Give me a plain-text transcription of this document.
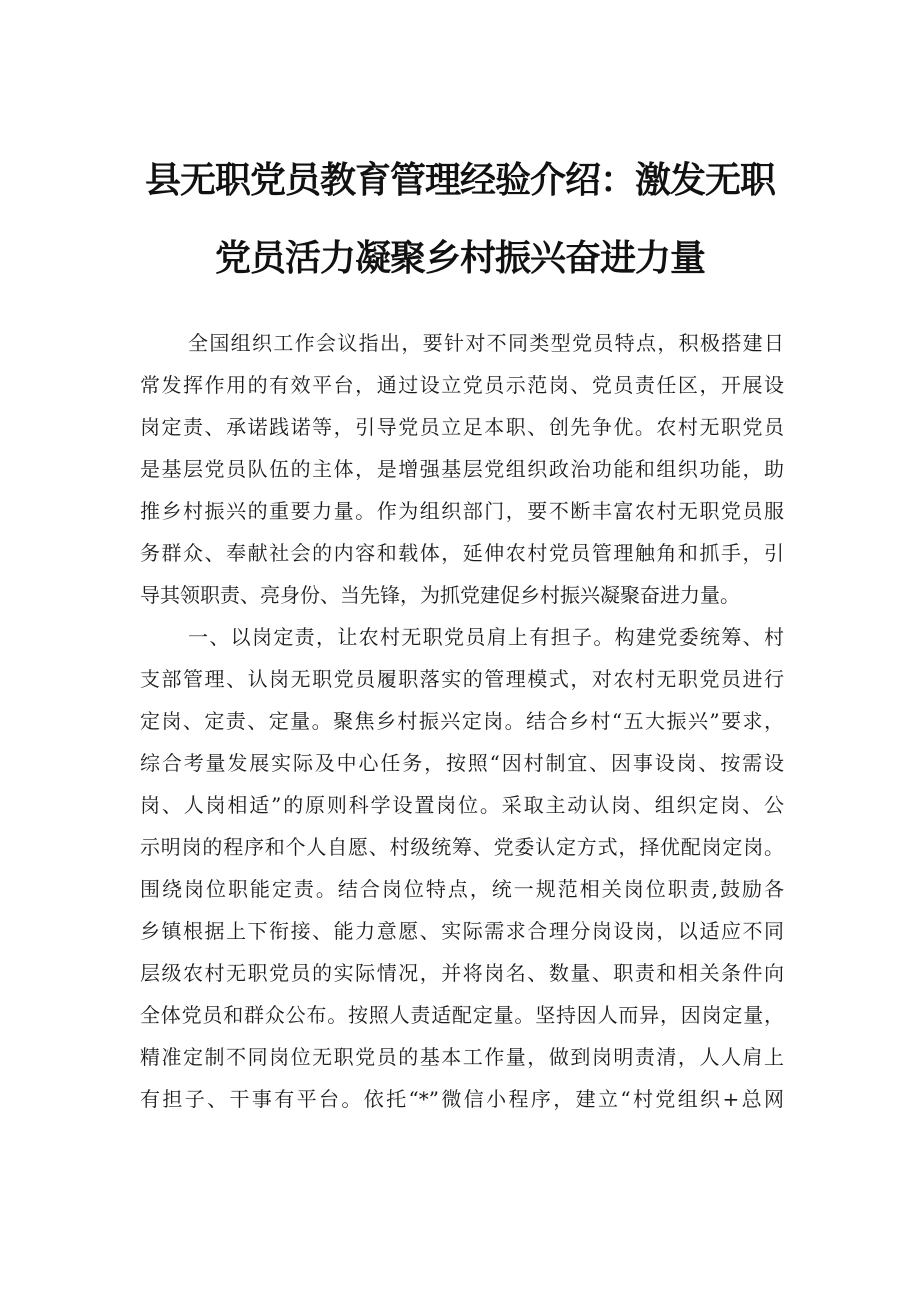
县无职党员教育管理经验介绍：激发无职
党员活力凝聚乡村振兴奋进力量
全国组织工作会议指出，要针对不同类型党员特点，积极搭建日
常发挥作用的有效平台，通过设立党员示范岗、党员责任区，开展设
岗定责、承诺践诺等，引导党员立足本职、创先争优。农村无职党员
是基层党员队伍的主体，是增强基层党组织政治功能和组织功能，助
推乡村振兴的重要力量。作为组织部门，要不断丰富农村无职党员服
务群众、奉献社会的内容和载体，延伸农村党员管理触角和抓手，引
导其领职责、亮身份、当先锋，为抓党建促乡村振兴凝聚奋进力量。
一、以岗定责，让农村无职党员肩上有担子。构建党委统筹、村
支部管理、认岗无职党员履职落实的管理模式，对农村无职党员进行
定岗、定责、定量。聚焦乡村振兴定岗。结合乡村“五大振兴”要求，
综合考量发展实际及中心任务，按照“因村制宜、因事设岗、按需设
岗、人岗相适”的原则科学设置岗位。采取主动认岗、组织定岗、公
示明岗的程序和个人自愿、村级统筹、党委认定方式，择优配岗定岗。
围绕岗位职能定责。结合岗位特点，统一规范相关岗位职责,鼓励各
乡镇根据上下衔接、能力意愿、实际需求合理分岗设岗，以适应不同
层级农村无职党员的实际情况，并将岗名、数量、职责和相关条件向
全体党员和群众公布。按照人责适配定量。坚持因人而异，因岗定量，
精准定制不同岗位无职党员的基本工作量，做到岗明责清，人人肩上
有担子、干事有平台。依托“*”微信小程序，建立“村党组织+总网
